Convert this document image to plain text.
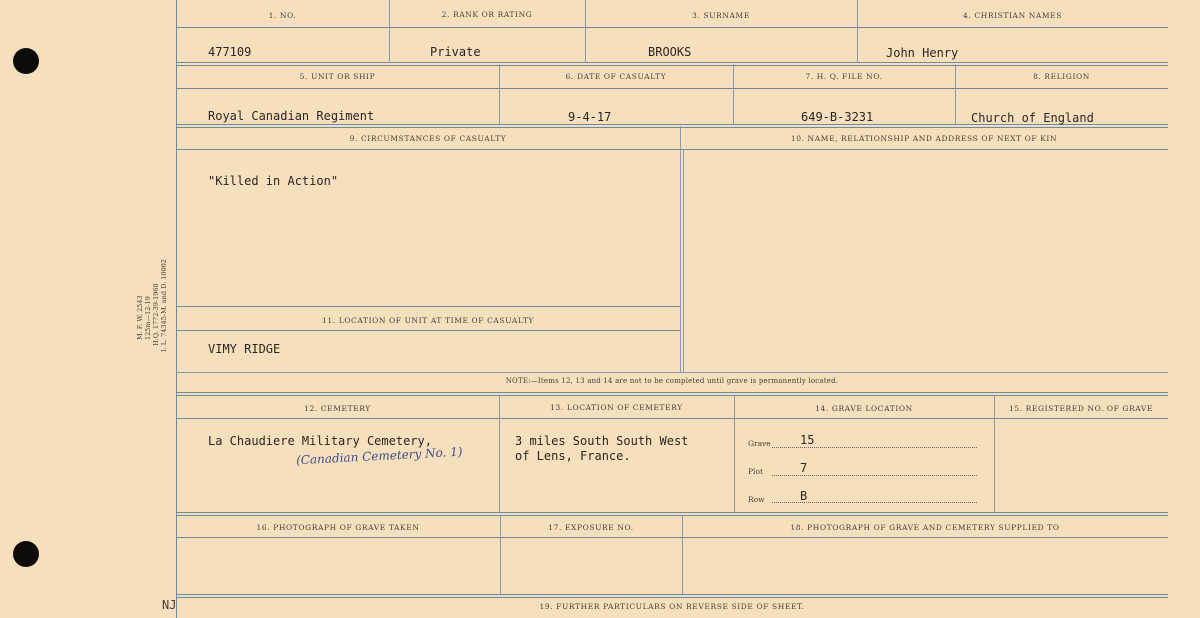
M. F. W. 2543 125m—12-19 H.Q. 1772-39-1968 I. L. 74345-M. and D. 10002
NJ
1. NO.	2. RANK OR RATING	3. SURNAME	4. CHRISTIAN NAMES
477109	Private	BROOKS	John Henry
5. UNIT OR SHIP	6. DATE OF CASUALTY	7. H. Q. FILE NO.	8. RELIGION
Royal Canadian Regiment	9-4-17	649-B-3231	Church of England
9. CIRCUMSTANCES OF CASUALTY	10. NAME, RELATIONSHIP AND ADDRESS OF NEXT OF KIN
"Killed in Action"
11. LOCATION OF UNIT AT TIME OF CASUALTY
VIMY RIDGE
NOTE:—Items 12, 13 and 14 are not to be completed until grave is permanently located.
12. CEMETERY	13. LOCATION OF CEMETERY	14. GRAVE LOCATION	15. REGISTERED NO. OF GRAVE
La Chaudiere Military Cemetery,
(Canadian Cemetery No. 1)
3 miles South South West
of Lens, France.
Grave 15
Plot	7
Row	B
16. PHOTOGRAPH OF GRAVE TAKEN	17. EXPOSURE NO.	18. PHOTOGRAPH OF GRAVE AND CEMETERY SUPPLIED TO
19. FURTHER PARTICULARS ON REVERSE SIDE OF SHEET.
